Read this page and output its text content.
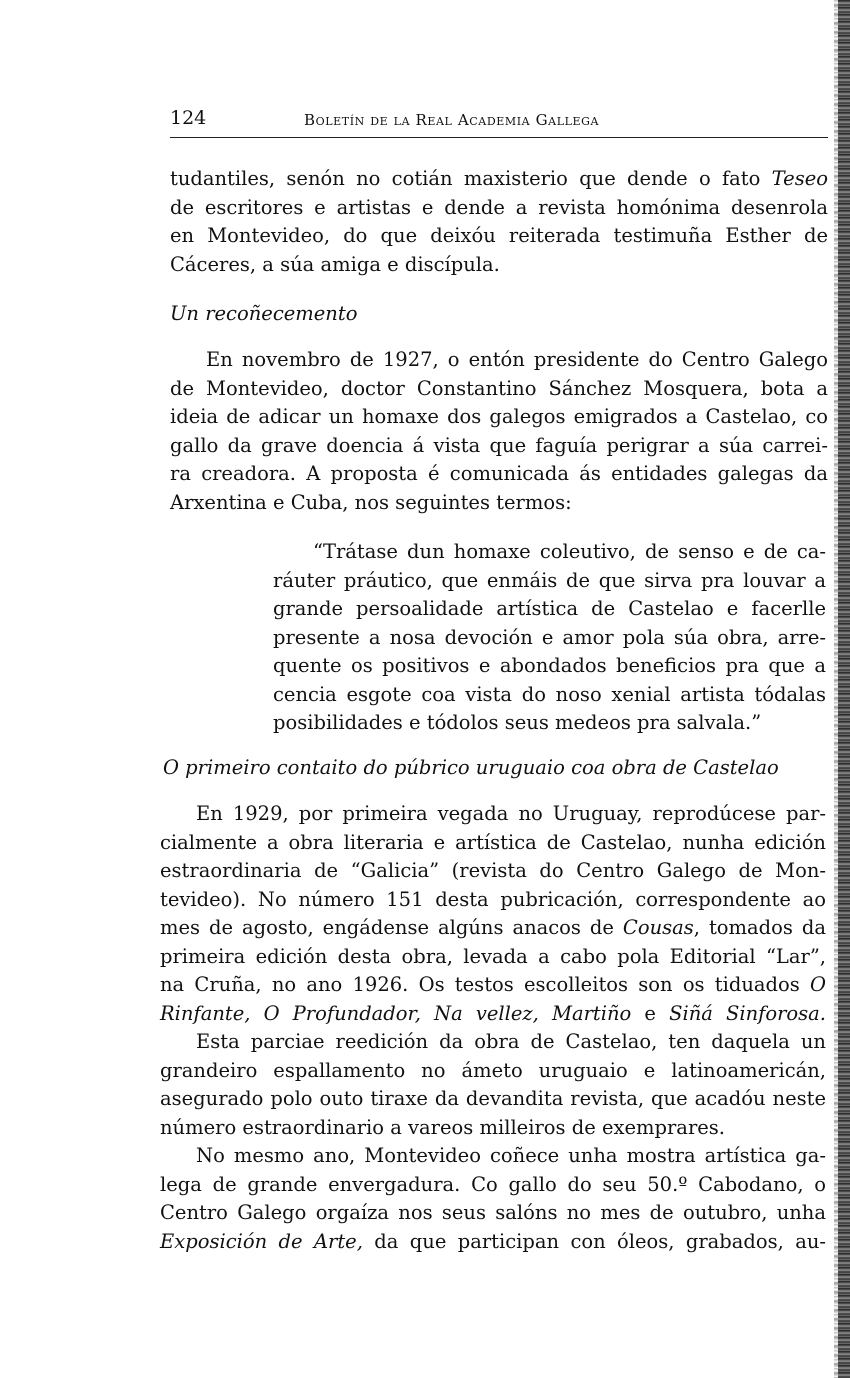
124	Boletín de la Real Academia Gallega
tudantiles, senón no cotián maxisterio que dende o fato Teseo
de escritores e artistas e dende a revista homónima desenrola
en Montevideo, do que deixóu reiterada testimuña Esther de
Cáceres, a súa amiga e discípula.
Un recoñecemento
En novembro de 1927, o entón presidente do Centro Galego
de Montevideo, doctor Constantino Sánchez Mosquera, bota a
ideia de adicar un homaxe dos galegos emigrados a Castelao, co
gallo da grave doencia á vista que faguía perigrar a súa carrei-
ra creadora. A proposta é comunicada ás entidades galegas da
Arxentina e Cuba, nos seguintes termos:
“Trátase dun homaxe coleutivo, de senso e de ca-
ráuter práutico, que enmáis de que sirva pra louvar a
grande persoalidade artística de Castelao e facerlle
presente a nosa devoción e amor pola súa obra, arre-
quente os positivos e abondados beneficios pra que a
cencia esgote coa vista do noso xenial artista tódalas
posibilidades e tódolos seus medeos pra salvala.”
O primeiro contaito do púbrico uruguaio coa obra de Castelao
En 1929, por primeira vegada no Uruguay, reprodúcese par-
cialmente a obra literaria e artística de Castelao, nunha edición
estraordinaria de “Galicia” (revista do Centro Galego de Mon-
tevideo). No número 151 desta pubricación, correspondente ao
mes de agosto, engádense algúns anacos de Cousas, tomados da
primeira edición desta obra, levada a cabo pola Editorial “Lar”,
na Cruña, no ano 1926. Os testos escolleitos son os tiduados O
Rinfante, O Profundador, Na vellez, Martiño e Siñá Sinforosa.
Esta parciae reedición da obra de Castelao, ten daquela un
grandeiro espallamento no ámeto uruguaio e latinoamericán,
asegurado polo outo tiraxe da devandita revista, que acadóu neste
número estraordinario a vareos milleiros de exemprares.
No mesmo ano, Montevideo coñece unha mostra artística ga-
lega de grande envergadura. Co gallo do seu 50.º Cabodano, o
Centro Galego orgaíza nos seus salóns no mes de outubro, unha
Exposición de Arte, da que participan con óleos, grabados, au-
